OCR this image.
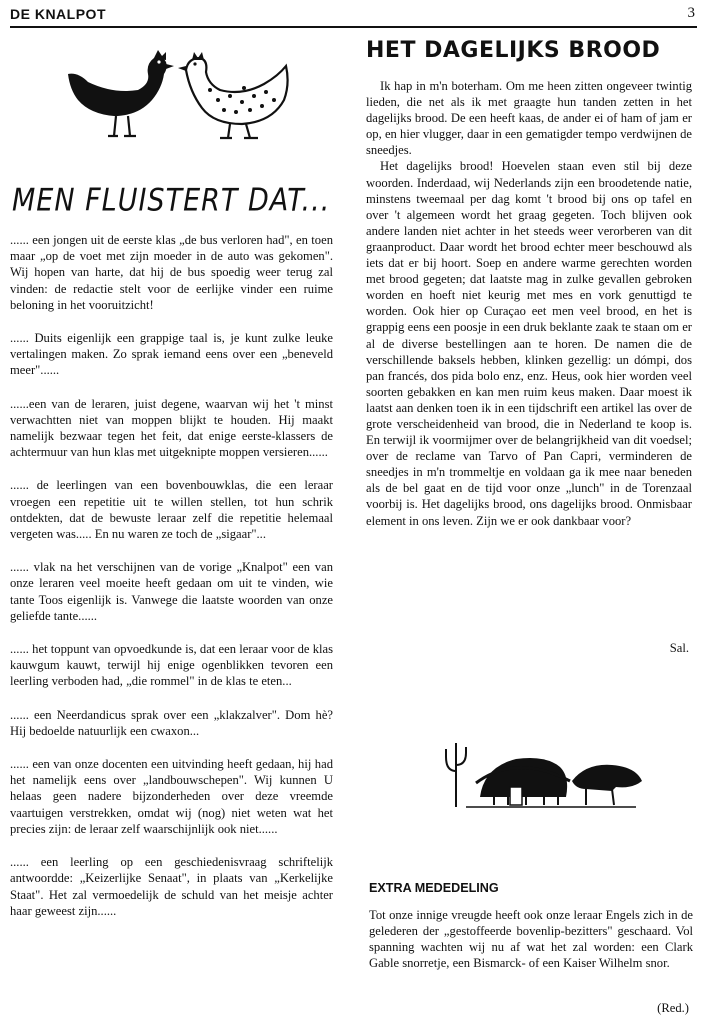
DE KNALPOT	3
MEN FLUISTERT DAT...

...... een jongen uit de eerste klas „de bus verloren had", en toen maar „op de voet met zijn moeder in de auto was gekomen". Wij hopen van harte, dat hij de bus spoedig weer terug zal vinden: de redactie stelt voor de eerlijke vinder een ruime beloning in het vooruitzicht!

...... Duits eigenlijk een grappige taal is, je kunt zulke leuke vertalingen maken. Zo sprak iemand eens over een „beneveld meer"......

......een van de leraren, juist degene, waarvan wij het 't minst verwachtten niet van moppen blijkt te houden. Hij maakt namelijk bezwaar tegen het feit, dat enige eerste-klassers de achtermuur van hun klas met uitgeknipte moppen versieren......

...... de leerlingen van een bovenbouwklas, die een leraar vroegen een repetitie uit te willen stellen, tot hun schrik ontdekten, dat de bewuste leraar zelf die repetitie helemaal vergeten was..... En nu waren ze toch de „sigaar"...

...... vlak na het verschijnen van de vorige „Knalpot" een van onze leraren veel moeite heeft gedaan om uit te vinden, wie tante Toos eigenlijk is. Vanwege die laatste woorden van onze geliefde tante......

...... het toppunt van opvoedkunde is, dat een leraar voor de klas kauwgum kauwt, terwijl hij enige ogenblikken tevoren een leerling verboden had, „die rommel" in de klas te eten...

...... een Neerdandicus sprak over een „klakzalver". Dom hè? Hij bedoelde natuurlijk een cwaxon...

...... een van onze docenten een uitvinding heeft gedaan, hij had het namelijk eens over „landbouwschepen". Wij kunnen U helaas geen nadere bijzonderheden over deze vreemde vaartuigen verstrekken, omdat wij (nog) niet weten wat het precies zijn: de leraar zelf waarschijnlijk ook niet......

...... een leerling op een geschiedenisvraag schriftelijk antwoordde: „Keizerlijke Senaat", in plaats van „Kerkelijke Staat". Het zal vermoedelijk de schuld van het meisje achter haar geweest zijn......

HET DAGELIJKS BROOD

Ik hap in m'n boterham. Om me heen zitten ongeveer twintig lieden, die net als ik met graagte hun tanden zetten in het dagelijks brood. De een heeft kaas, de ander ei of ham of jam er op, en hier vlugger, daar in een gematigder tempo verdwijnen de sneedjes.

Het dagelijks brood! Hoevelen staan even stil bij deze woorden. Inderdaad, wij Nederlands zijn een broodetende natie, minstens tweemaal per dag komt 't brood bij ons op tafel en over 't algemeen wordt het graag gegeten. Toch blijven ook andere landen niet achter in het steeds weer verorberen van dit graanproduct. Daar wordt het brood echter meer beschouwd als iets dat er bij hoort. Soep en andere warme gerechten worden met brood gegeten; dat laatste mag in zulke gevallen gebroken worden en hoeft niet keurig met mes en vork genuttigd te worden. Ook hier op Curaçao eet men veel brood, en het is grappig eens een poosje in een druk beklante zaak te staan om er al de diverse bestellingen aan te horen. De namen die de verschillende baksels hebben, klinken gezellig: un dómpi, dos pan francés, dos pida bolo enz, enz. Heus, ook hier worden veel soorten gebakken en kan men ruim keus maken. Daar moest ik laatst aan denken toen ik in een tijdschrift een artikel las over de grote verscheidenheid van brood, die in Nederland te koop is. En terwijl ik voormijmer over de belangrijkheid van dit voedsel; over de reclame van Tarvo of Pan Capri, verminderen de sneedjes in m'n trommeltje en voldaan ga ik mee naar beneden als de bel gaat en de tijd voor onze „lunch" in de Torenzaal voorbij is. Het dagelijks brood, ons dagelijks brood. Onmisbaar element in ons leven. Zijn we er ook dankbaar voor?

Sal.
EXTRA MEDEDELING
Tot onze innige vreugde heeft ook onze leraar Engels zich in de gelederen der „gestoffeerde bovenlip-bezitters" geschaard. Vol spanning wachten wij nu af wat het zal worden: een Clark Gable snorretje, een Bismarck- of een Kaiser Wilhelm snor.
(Red.)
